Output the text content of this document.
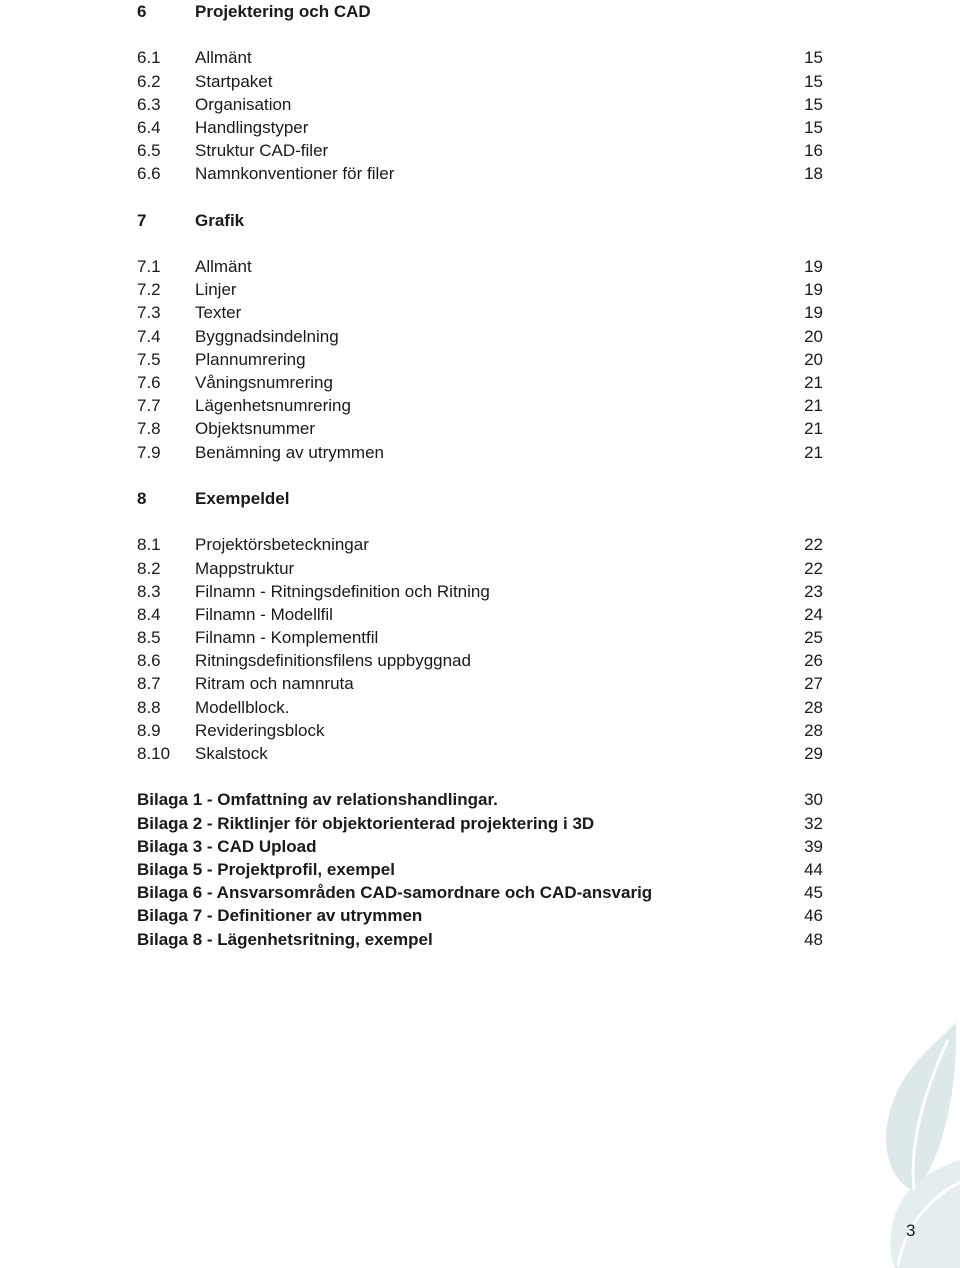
6	Projektering och CAD
6.1 Allmänt	15
6.2 Startpaket	15
6.3 Organisation	15
6.4 Handlingstyper	15
6.5 Struktur CAD-filer	16
6.6 Namnkonventioner för filer	18
7	Grafik
7.1 Allmänt	19
7.2 Linjer	19
7.3 Texter	19
7.4 Byggnadsindelning	20
7.5 Plannumrering	20
7.6 Våningsnumrering	21
7.7 Lägenhetsnumrering	21
7.8 Objektsnummer	21
7.9 Benämning av utrymmen	21
8	Exempeldel
8.1 Projektörsbeteckningar	22
8.2 Mappstruktur	22
8.3 Filnamn - Ritningsdefinition och Ritning	23
8.4 Filnamn - Modellfil	24
8.5 Filnamn - Komplementfil	25
8.6 Ritningsdefinitionsfilens uppbyggnad	26
8.7 Ritram och namnruta	27
8.8 Modellblock.	28
8.9 Revideringsblock	28
8.10 Skalstock	29
Bilaga 1 - Omfattning av relationshandlingar.	30
Bilaga 2 - Riktlinjer för objektorienterad projektering i 3D	32
Bilaga 3 - CAD Upload	39
Bilaga 5 - Projektprofil, exempel	44
Bilaga 6 - Ansvarsområden CAD-samordnare och CAD-ansvarig	45
Bilaga 7 - Definitioner av utrymmen	46
Bilaga 8 - Lägenhetsritning, exempel	48
3
